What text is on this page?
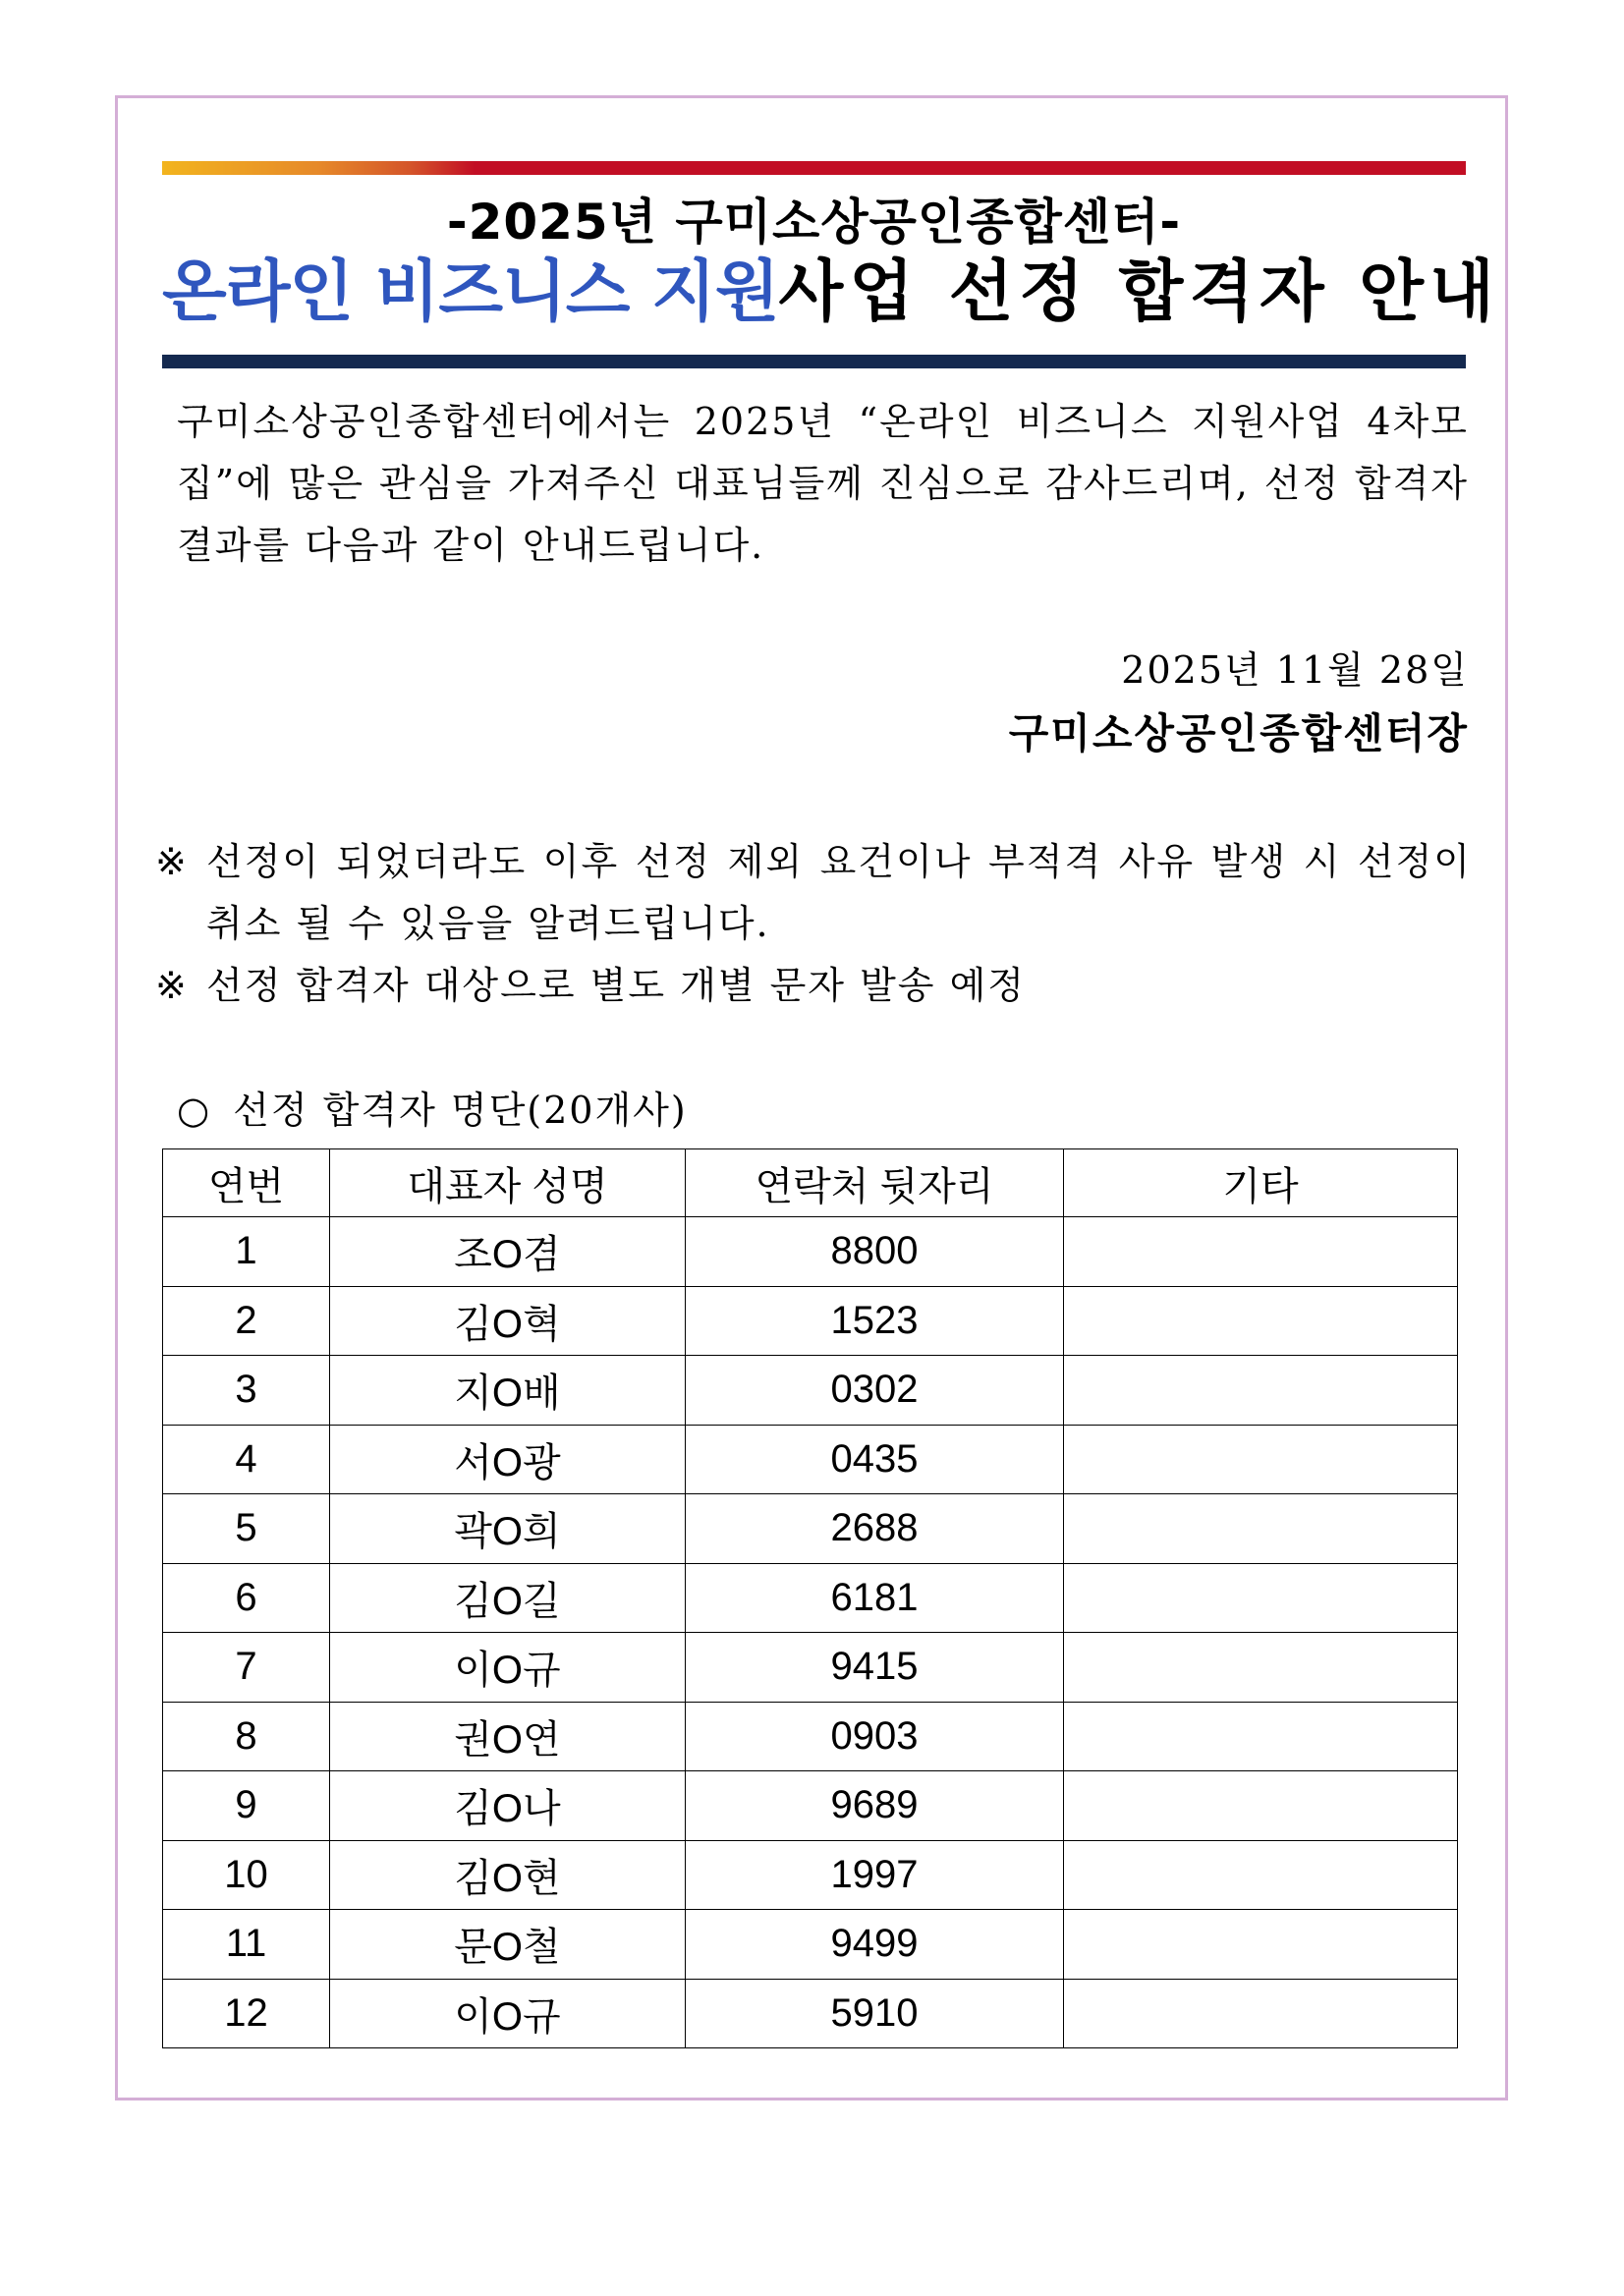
-2025년 구미소상공인종합센터-
온라인 비즈니스 지원사업 선정 합격자 안내
구미소상공인종합센터에서는 2025년 “온라인 비즈니스 지원사업 4차모집”에 많은 관심을 가져주신 대표님들께 진심으로 감사드리며, 선정 합격자 결과를 다음과 같이 안내드립니다.
2025년 11월 28일
구미소상공인종합센터장
※ 선정이 되었더라도 이후 선정 제외 요건이나 부적격 사유 발생 시 선정이 취소 될 수 있음을 알려드립니다.
※ 선정 합격자 대상으로 별도 개별 문자 발송 예정
○ 선정 합격자 명단(20개사)
연번	대표자 성명	연락처 뒷자리	기타
1	조O겸	8800	
2	김O혁	1523	
3	지O배	0302	
4	서O광	0435	
5	곽O희	2688	
6	김O길	6181	
7	이O규	9415	
8	권O연	0903	
9	김O나	9689	
10	김O현	1997	
11	문O철	9499	
12	이O규	5910	
